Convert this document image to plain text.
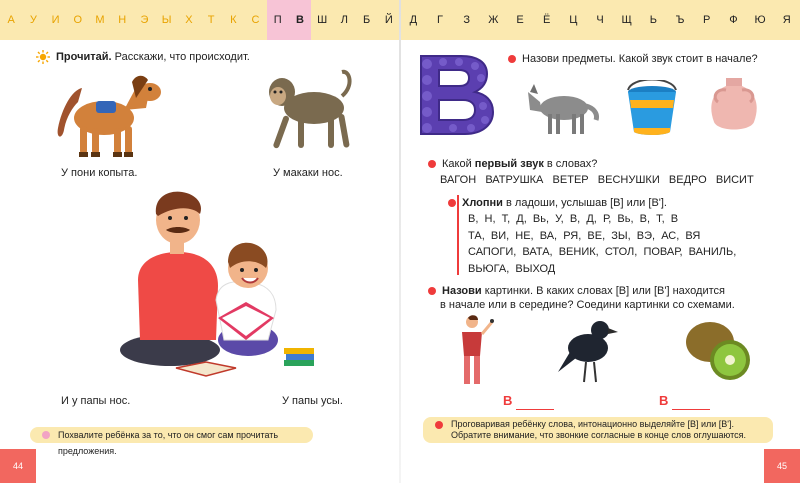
А	У	И	О	М	Н	Э	Ы	Х	Т	К	С	П	В	Ш	Л	Б	Й	Д	Г	З	Ж	Е	Ё	Ц	Ч	Щ	Ь	Ъ	Р	Ф	Ю	Я
Прочитай. Расскажи, что происходит.
У пони копыта.	У макаки нос.
И у папы нос.	У папы усы.
Похвалите ребёнка за то, что он смог сам прочитать предложения.
44
Назови предметы. Какой звук стоит в начале?
Какой первый звук в словах?
ВАГОН   ВАТРУШКА   ВЕТЕР   ВЕСНУШКИ   ВЕДРО   ВИСИТ
Хлопни в ладоши, услышав [В] или [В'].
В,  Н,  Т,  Д,  Вь,  У,  В,  Д,  Р,  Вь,  В,  Т,  В
ТА,  ВИ,  НЕ,  ВА,  РЯ,  ВЕ,  ЗЫ,  ВЭ,  АС,  ВЯ
САПОГИ,  ВАТА,  ВЕНИК,  СТОЛ,  ПОВАР,  ВАНИЛЬ,
ВЬЮГА,  ВЫХОД
Назови картинки. В каких словах [В] или [В'] находится
в начале или в середине? Соедини картинки со схемами.
В	В
Проговаривая ребёнку слова, интонационно выделяйте [В] или [В'].
Обратите внимание, что звонкие согласные в конце слов оглушаются.
45
